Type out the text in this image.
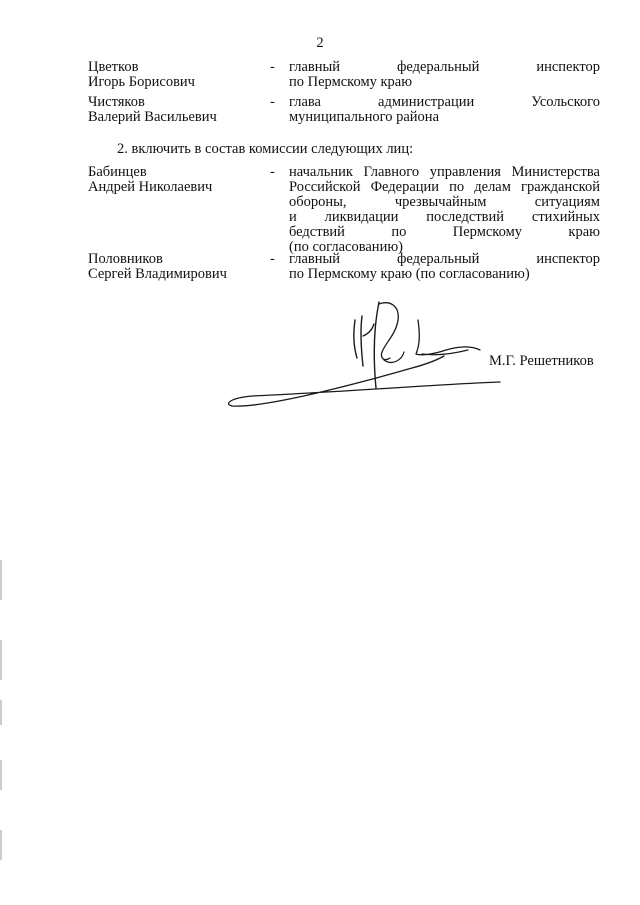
2
Цветков
Игорь Борисович
- главный	федеральный	инспектор
по Пермскому краю
Чистяков
Валерий Васильевич
- глава	администрации	Усольского
муниципального района
2. включить в состав комиссии следующих лиц:
Бабинцев
Андрей Николаевич
- начальник Главного управления Министерства
Российской Федерации по делам гражданской
обороны,	чрезвычайным	ситуациям
и ликвидации последствий стихийных
бедствий	по	Пермскому	краю
(по согласованию)
Половников
Сергей Владимирович
- главный	федеральный	инспектор
по Пермскому краю (по согласованию)
М.Г. Решетников
